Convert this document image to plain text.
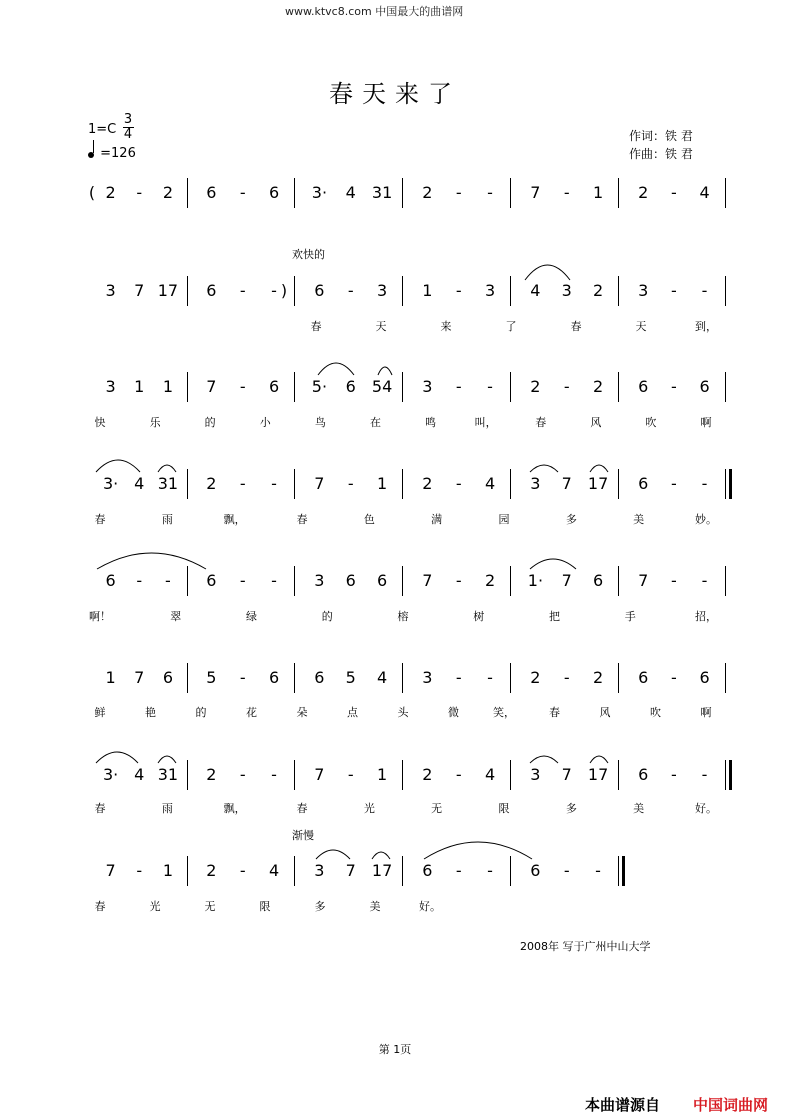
www.ktvc8.com 中国最大的曲谱网
春天来了
1=C
3
4
=126
作词：铁 君
作曲：铁 君
2 - 2 6 - 6 3· 4 31 2 - - 7 - 1 2 - 4
3 7 17 6 - - 6 - 3 1 - 3 4 3 2 3 - -
春	天	来	了	春	天	到，
3 1 1 7 - 6 5· 6 54 3 - - 2 - 2 6 - 6
快	乐	的	小	鸟	在	鸣	叫，	春	风	吹	啊
3· 4 31 2 - - 7 - 1 2 - 4 3 7 17 6 - -
春	雨	飘，	春	色	满	园	多	美	妙。
6 - - 6 - - 3 6 6 7 - 2 1· 7 6 7 - -
啊！	翠	绿	的	榕	树	把	手	招，
1 7 6 5 - 6 6 5 4 3 - - 2 - 2 6 - 6
鲜	艳	的	花	朵	点	头	微	笑，	春	风	吹	啊
3· 4 31 2 - - 7 - 1 2 - 4 3 7 17 6 - -
春	雨	飘，	春	光	无	限	多	美	好。
7 - 1 2 - 4 3 7 17 6 - - 6 - -
春	光	无	限	多	美	好。
(
)
欢快的
渐慢
2008年 写于广州中山大学
第 1页
本曲谱源自 中国词曲网
